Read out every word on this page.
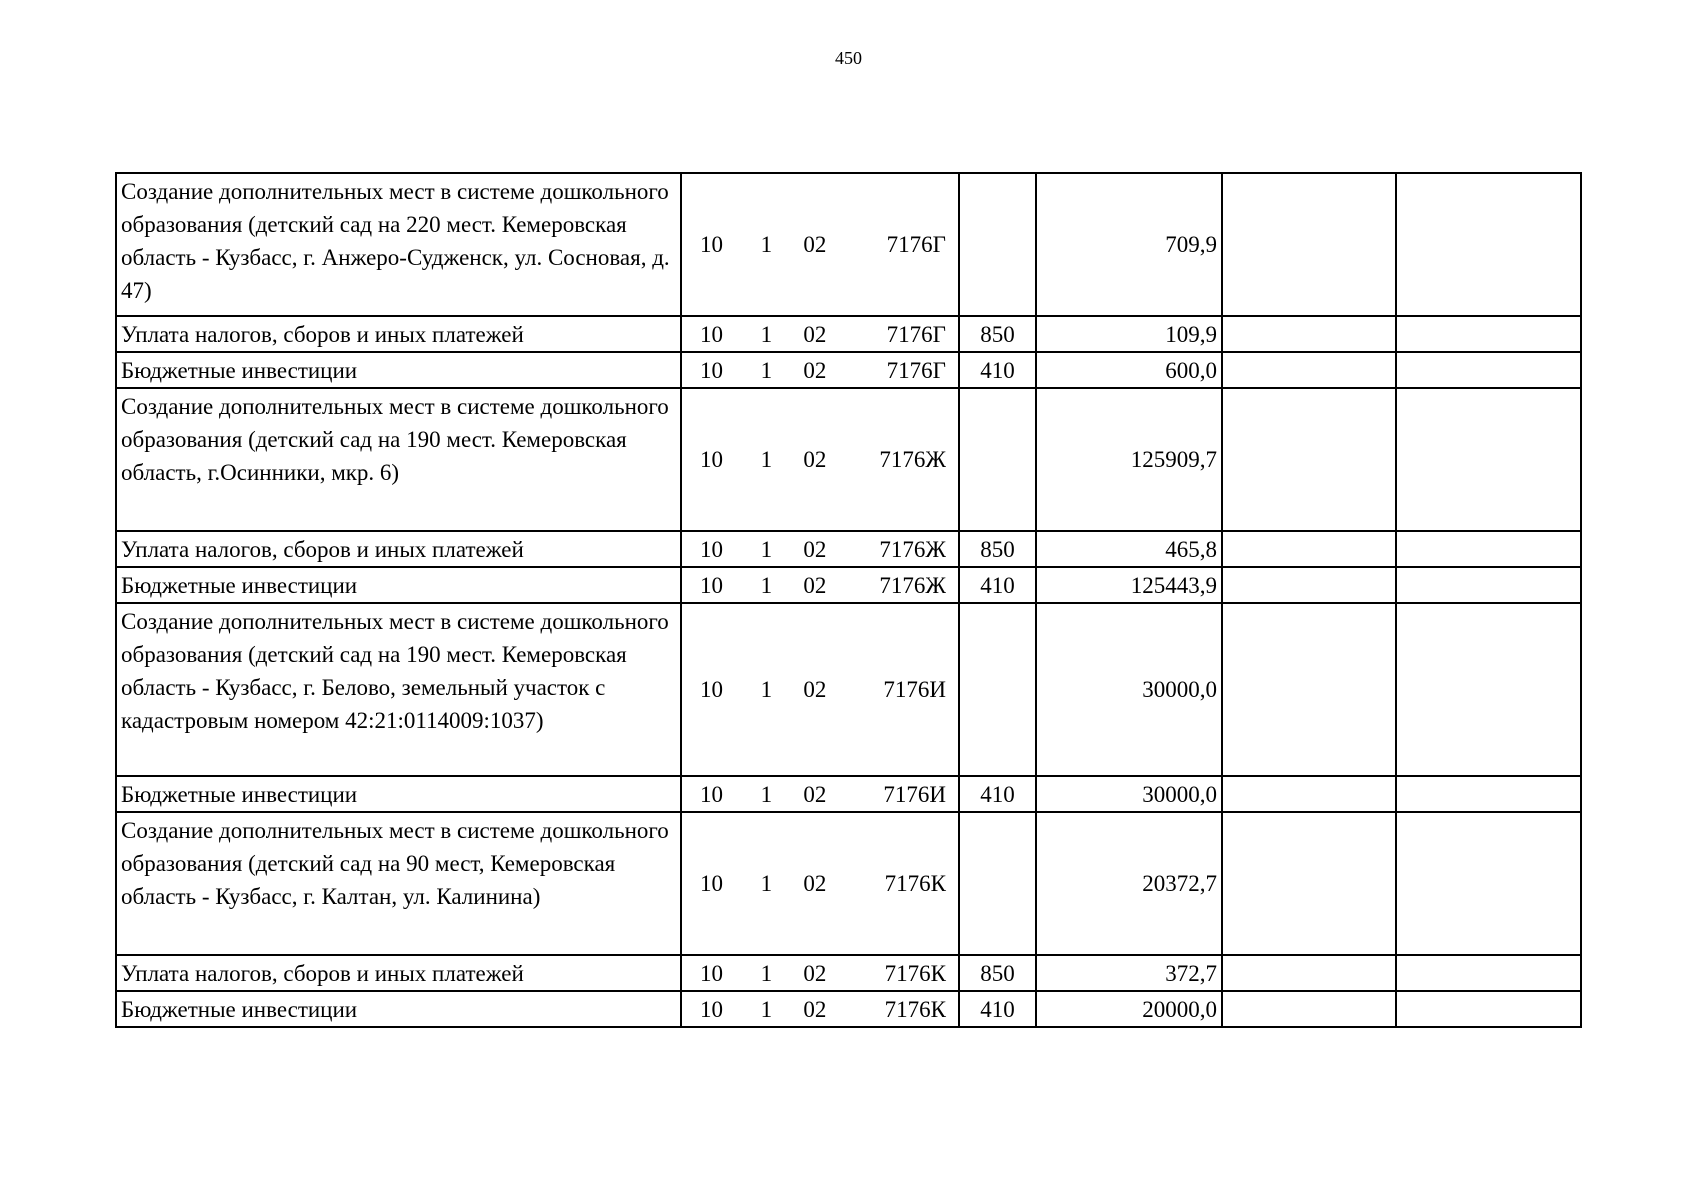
450
Создание дополнительных мест в системе дошкольного образования (детский сад на 220 мест. Кемеровская область - Кузбасс, г. Анжеро-Судженск, ул. Сосновая, д. 47)	10 1 02 7176Г		709,9		
Уплата налогов, сборов и иных платежей	10 1 02 7176Г	850	109,9		
Бюджетные инвестиции	10 1 02 7176Г	410	600,0		
Создание дополнительных мест в системе дошкольного образования (детский сад на 190 мест. Кемеровская область, г.Осинники, мкр. 6)	10 1 02 7176Ж		125909,7		
Уплата налогов, сборов и иных платежей	10 1 02 7176Ж	850	465,8		
Бюджетные инвестиции	10 1 02 7176Ж	410	125443,9		
Создание дополнительных мест в системе дошкольного образования (детский сад на 190 мест. Кемеровская область - Кузбасс, г. Белово, земельный участок с кадастровым номером 42:21:0114009:1037)	10 1 02 7176И		30000,0		
Бюджетные инвестиции	10 1 02 7176И	410	30000,0		
Создание дополнительных мест в системе дошкольного образования (детский сад на 90 мест, Кемеровская область - Кузбасс, г. Калтан, ул. Калинина)	10 1 02 7176К		20372,7		
Уплата налогов, сборов и иных платежей	10 1 02 7176К	850	372,7		
Бюджетные инвестиции	10 1 02 7176К	410	20000,0		
